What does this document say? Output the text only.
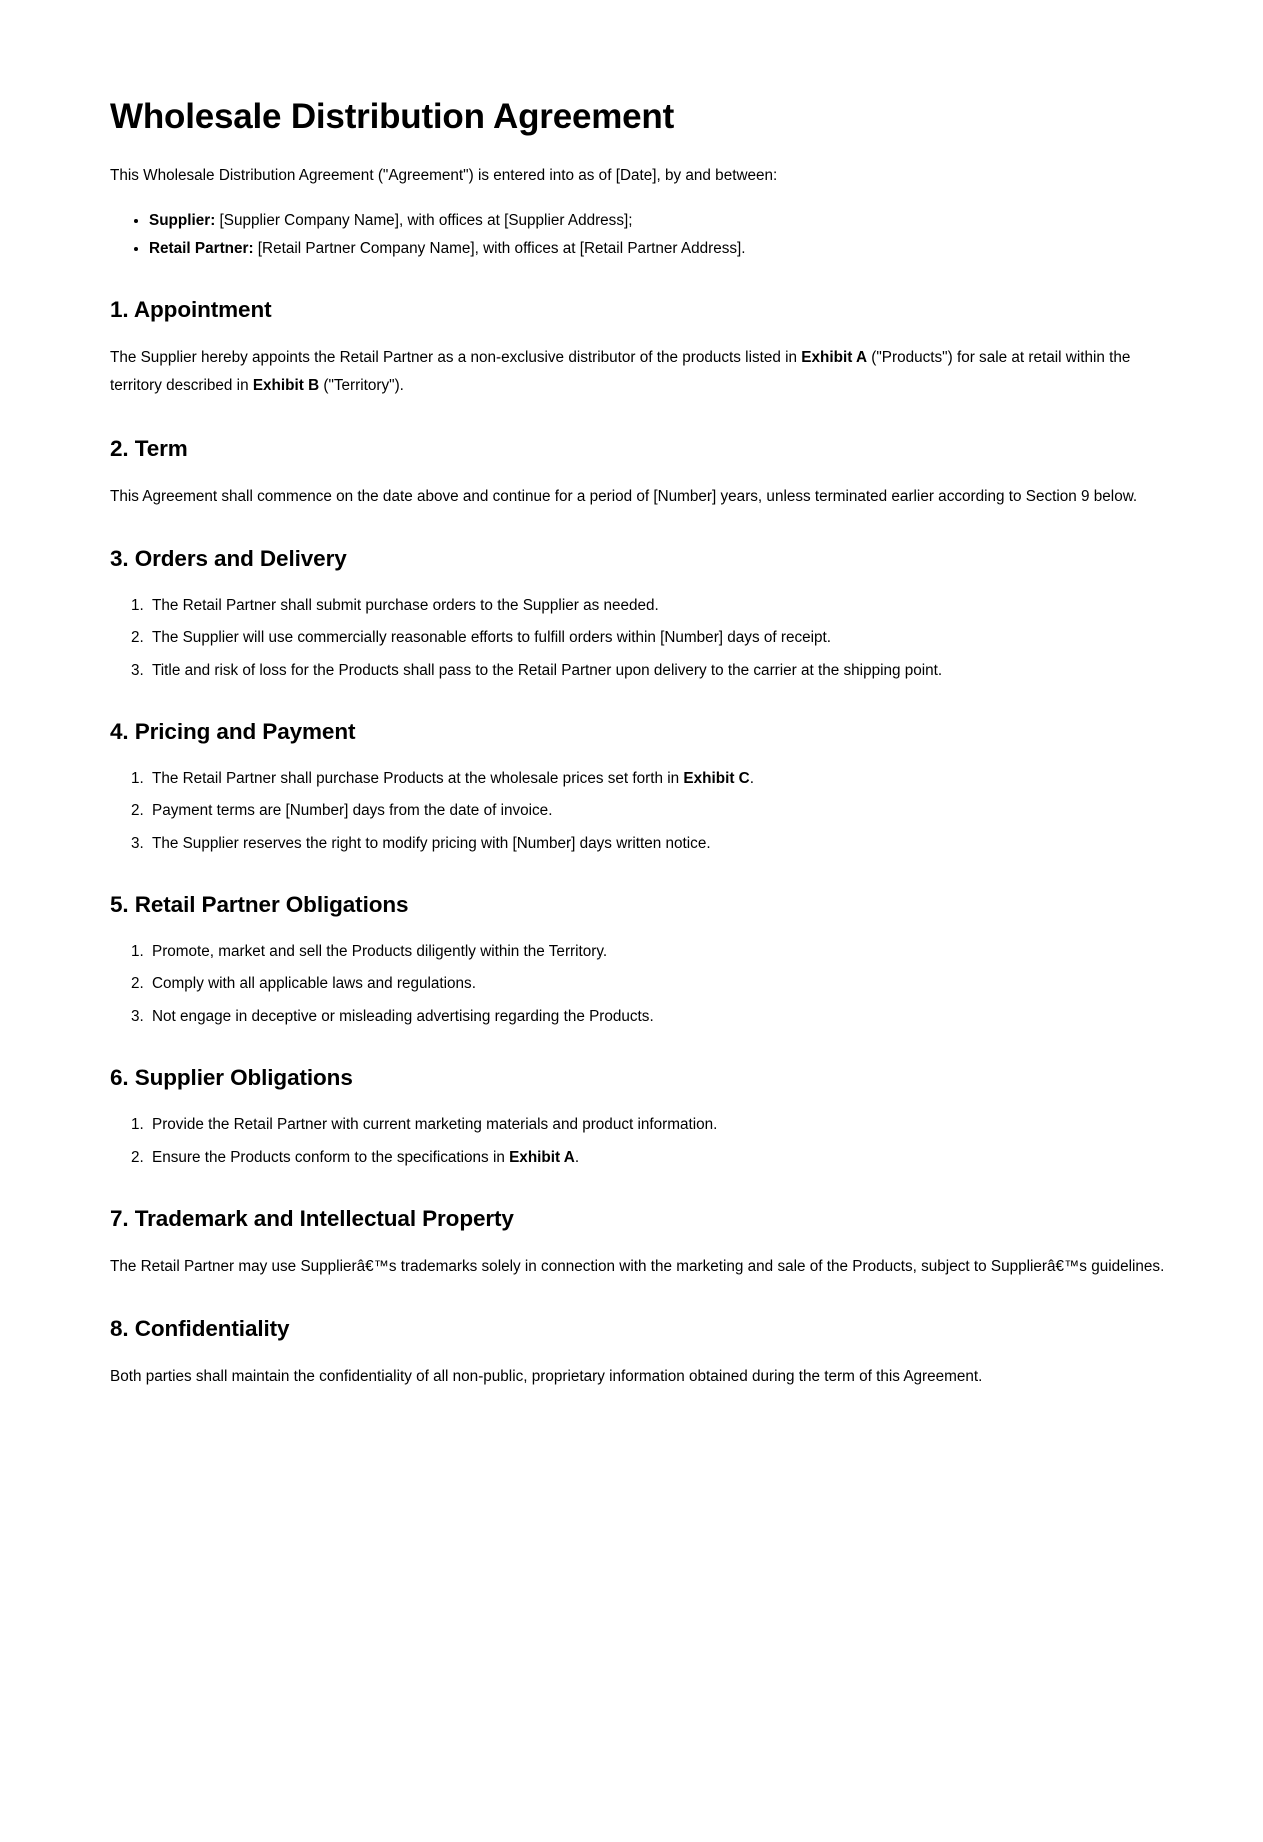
Wholesale Distribution Agreement

This Wholesale Distribution Agreement ("Agreement") is entered into as of [Date], by and between:

• Supplier: [Supplier Company Name], with offices at [Supplier Address];
• Retail Partner: [Retail Partner Company Name], with offices at [Retail Partner Address].
1. Appointment

The Supplier hereby appoints the Retail Partner as a non-exclusive distributor of the products listed in Exhibit A ("Products") for sale at retail within the territory described in Exhibit B ("Territory").

2. Term

This Agreement shall commence on the date above and continue for a period of [Number] years, unless terminated earlier according to Section 9 below.

3. Orders and Delivery
1. The Retail Partner shall submit purchase orders to the Supplier as needed.
2. The Supplier will use commercially reasonable efforts to fulfill orders within [Number] days of receipt.
3. Title and risk of loss for the Products shall pass to the Retail Partner upon delivery to the carrier at the shipping point.
4. Pricing and Payment
1. The Retail Partner shall purchase Products at the wholesale prices set forth in Exhibit C.
2. Payment terms are [Number] days from the date of invoice.
3. The Supplier reserves the right to modify pricing with [Number] days written notice.
5. Retail Partner Obligations
1. Promote, market and sell the Products diligently within the Territory.
2. Comply with all applicable laws and regulations.
3. Not engage in deceptive or misleading advertising regarding the Products.
6. Supplier Obligations
1. Provide the Retail Partner with current marketing materials and product information.
2. Ensure the Products conform to the specifications in Exhibit A.
7. Trademark and Intellectual Property

The Retail Partner may use Supplierâ€™s trademarks solely in connection with the marketing and sale of the Products, subject to Supplierâ€™s guidelines.

8. Confidentiality

Both parties shall maintain the confidentiality of all non-public, proprietary information obtained during the term of this Agreement.
